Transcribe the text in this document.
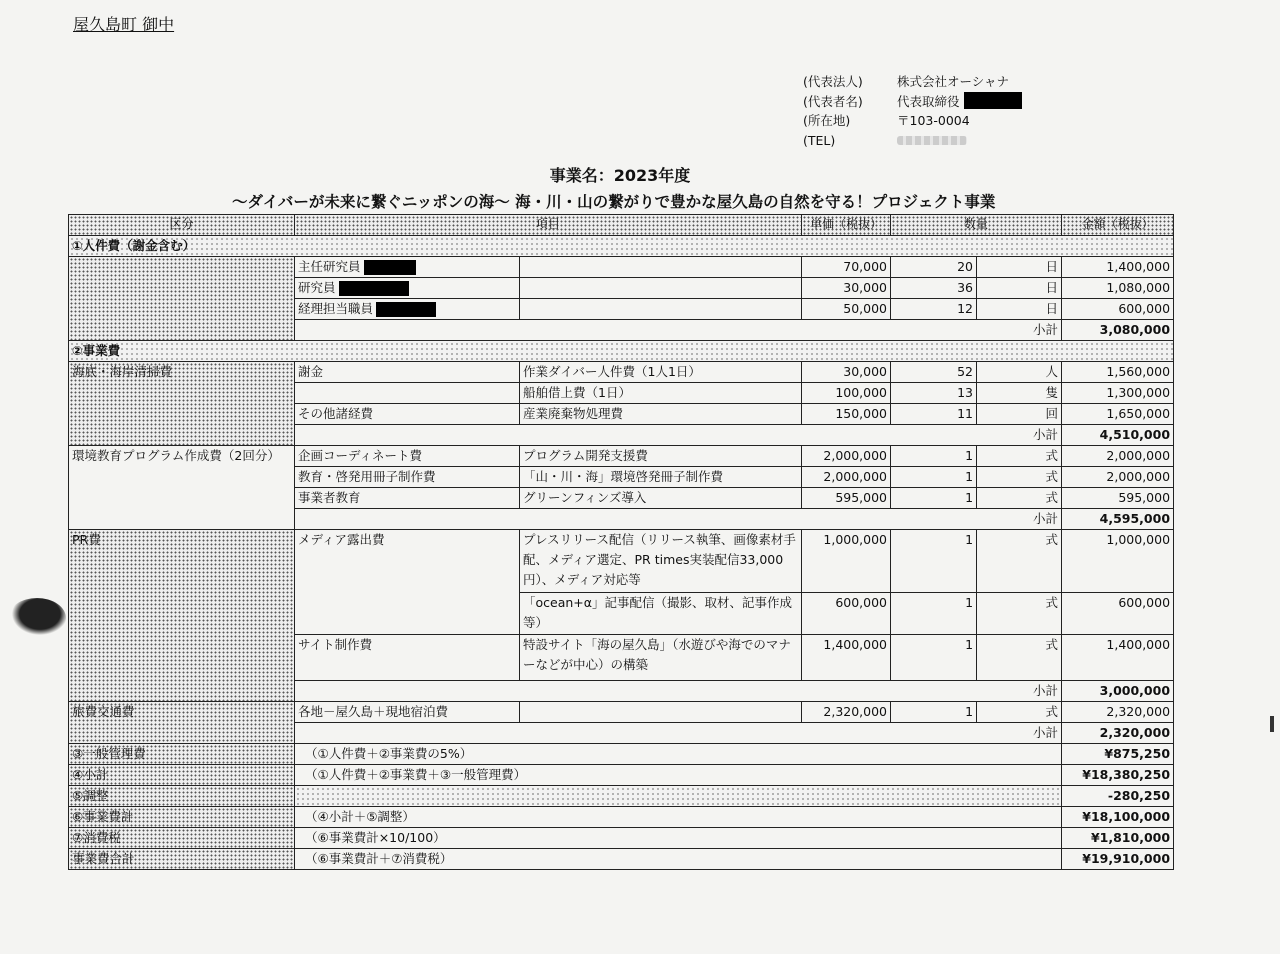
屋久島町 御中
(代表法人)	株式会社オーシャナ
(代表者名)	代表取締役
(所在地)	〒103-0004
(TEL)
事業名：2023年度
～ダイバーが未来に繋ぐニッポンの海～ 海・川・山の繋がりで豊かな屋久島の自然を守る！プロジェクト事業
区分	項目		単価（税抜）	数量		金額（税抜）
①人件費（謝金含む）						
	主任研究員		70,000	20	日	1,400,000
	研究員		30,000	36	日	1,080,000
	経理担当職員		50,000	12	日	600,000
	小計					3,080,000
②事業費						
海底・海岸清掃費	謝金	作業ダイバー人件費（1人1日）	30,000	52	人	1,560,000
		船舶借上費（1日）	100,000	13	隻	1,300,000
	その他諸経費	産業廃棄物処理費	150,000	11	回	1,650,000
	小計					4,510,000
環境教育プログラム作成費（2回分）	企画コーディネート費	プログラム開発支援費	2,000,000	1	式	2,000,000
	教育・啓発用冊子制作費	「山・川・海」環境啓発冊子制作費	2,000,000	1	式	2,000,000
	事業者教育	グリーンフィンズ導入	595,000	1	式	595,000
	小計					4,595,000
PR費	メディア露出費	プレスリリース配信（リリース執筆、画像素材手配、メディア選定、PR times実装配信33,000円）、メディア対応等	1,000,000	1	式	1,000,000
		「ocean+α」記事配信（撮影、取材、記事作成等）	600,000	1	式	600,000
	サイト制作費	特設サイト「海の屋久島」（水遊びや海でのマナーなどが中心）の構築	1,400,000	1	式	1,400,000
	小計					3,000,000
旅費交通費	各地－屋久島＋現地宿泊費		2,320,000	1	式	2,320,000
	小計					2,320,000
③一般管理費	（①人件費＋②事業費の5%）					¥875,250
④小計	（①人件費＋②事業費＋③一般管理費）					¥18,380,250
⑤調整						-280,250
⑥事業費計	（④小計＋⑤調整）					¥18,100,000
⑦消費税	（⑥事業費計×10/100）					¥1,810,000
事業費合計	（⑥事業費計＋⑦消費税）					¥19,910,000
